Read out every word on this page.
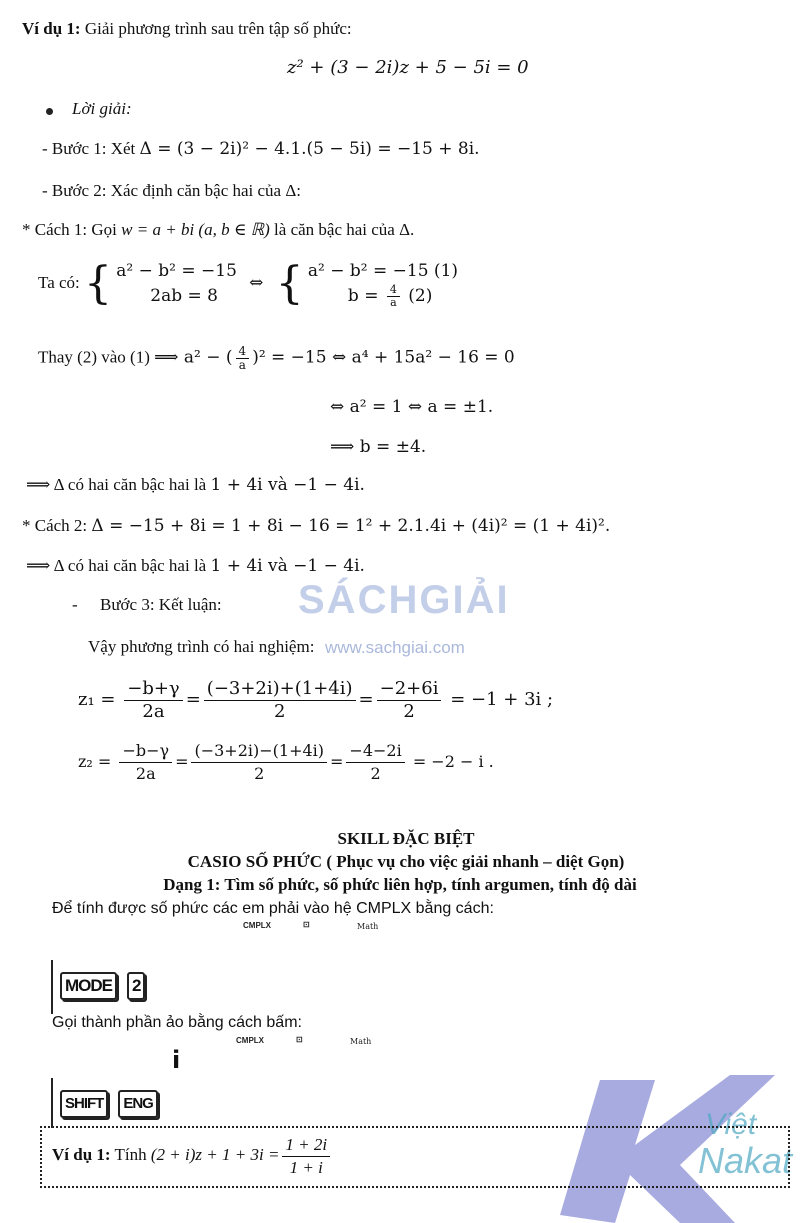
SÁCHGIẢI
www.sachgiai.com
Việt
Nakat
Ví dụ 1: Giải phương trình sau trên tập số phức:
z² + (3 − 2i)z + 5 − 5i = 0
Lời giải:
- Bước 1: Xét Δ = (3 − 2i)² − 4.1.(5 − 5i) = −15 + 8i.
- Bước 2: Xác định căn bậc hai của Δ:
* Cách 1: Gọi w = a + bi (a, b ∈ ℝ) là căn bậc hai của Δ.
Ta có: { a² − b² = −15
2ab = 8
⇔ { a² − b² = −15 (1)
$b = \frac{4}{a} (2)$
Thay (2) vào (1) ⟹ a² − ( $\frac{4}{a} )^2 = -15$ ⇔ a⁴ + 15a² − 16 = 0
⇔ a² = 1 ⇔ a = ±1.
⟹ b = ±4.
⟹ Δ có hai căn bậc hai là 1 + 4i và −1 − 4i.
* Cách 2: Δ = −15 + 8i = 1 + 8i − 16 = 1² + 2.1.4i + (4i)² = (1 + 4i)².
⟹ Δ có hai căn bậc hai là 1 + 4i và −1 − 4i.
- Bước 3: Kết luận:
Vậy phương trình có hai nghiệm:
$z_1 = \frac{-b+\gamma}{2a} = \frac{(-3+2i)+(1+4i)}{2} = \frac{-2+6i}{2} = -1 + 3i$ ;
$z_2 = \frac{-b-\gamma}{2a} = \frac{(-3+2i)-(1+4i)}{2} = \frac{-4-2i}{2} = -2 - i$ .
SKILL ĐẶC BIỆT
CASIO SỐ PHỨC ( Phục vụ cho việc giải nhanh – diệt Gọn)
Dạng 1: Tìm số phức, số phức liên hợp, tính argumen, tính độ dài
Để tính được số phức các em phải vào hệ CMPLX bằng cách:
CMPLX	⊡	Math
MODE 2
Gọi thành phần ảo bằng cách bấm:
CMPLX	⊡	Math
i
SHIFT ENG
Ví dụ 1: Tính $(2 + i)z + 1 + 3i = \frac{1 + 2i}{1 + i}$
